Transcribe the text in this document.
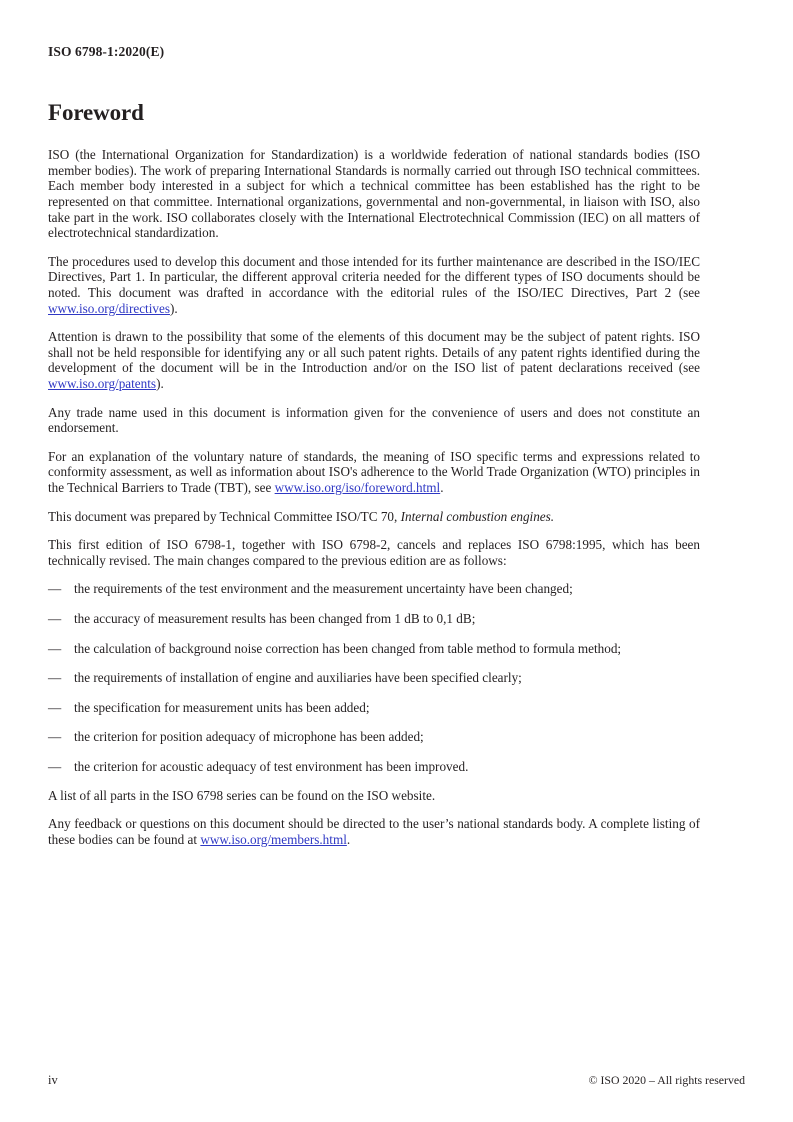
ISO 6798-1:2020(E)
Foreword

ISO (the International Organization for Standardization) is a worldwide federation of national standards bodies (ISO member bodies). The work of preparing International Standards is normally carried out through ISO technical committees. Each member body interested in a subject for which a technical committee has been established has the right to be represented on that committee. International organizations, governmental and non-governmental, in liaison with ISO, also take part in the work. ISO collaborates closely with the International Electrotechnical Commission (IEC) on all matters of electrotechnical standardization.

The procedures used to develop this document and those intended for its further maintenance are described in the ISO/IEC Directives, Part 1. In particular, the different approval criteria needed for the different types of ISO documents should be noted. This document was drafted in accordance with the editorial rules of the ISO/IEC Directives, Part 2 (see www.iso.org/directives).

Attention is drawn to the possibility that some of the elements of this document may be the subject of patent rights. ISO shall not be held responsible for identifying any or all such patent rights. Details of any patent rights identified during the development of the document will be in the Introduction and/or on the ISO list of patent declarations received (see www.iso.org/patents).

Any trade name used in this document is information given for the convenience of users and does not constitute an endorsement.

For an explanation of the voluntary nature of standards, the meaning of ISO specific terms and expressions related to conformity assessment, as well as information about ISO's adherence to the World Trade Organization (WTO) principles in the Technical Barriers to Trade (TBT), see www.iso.org/iso/foreword.html.

This document was prepared by Technical Committee ISO/TC 70, Internal combustion engines.

This first edition of ISO 6798-1, together with ISO 6798-2, cancels and replaces ISO 6798:1995, which has been technically revised. The main changes compared to the previous edition are as follows:

— the requirements of the test environment and the measurement uncertainty have been changed;
— the accuracy of measurement results has been changed from 1 dB to 0,1 dB;
— the calculation of background noise correction has been changed from table method to formula method;
— the requirements of installation of engine and auxiliaries have been specified clearly;
— the specification for measurement units has been added;
— the criterion for position adequacy of microphone has been added;
— the criterion for acoustic adequacy of test environment has been improved.

A list of all parts in the ISO 6798 series can be found on the ISO website.

Any feedback or questions on this document should be directed to the user’s national standards body. A complete listing of these bodies can be found at www.iso.org/members.html.

iv	© ISO 2020 – All rights reserved
